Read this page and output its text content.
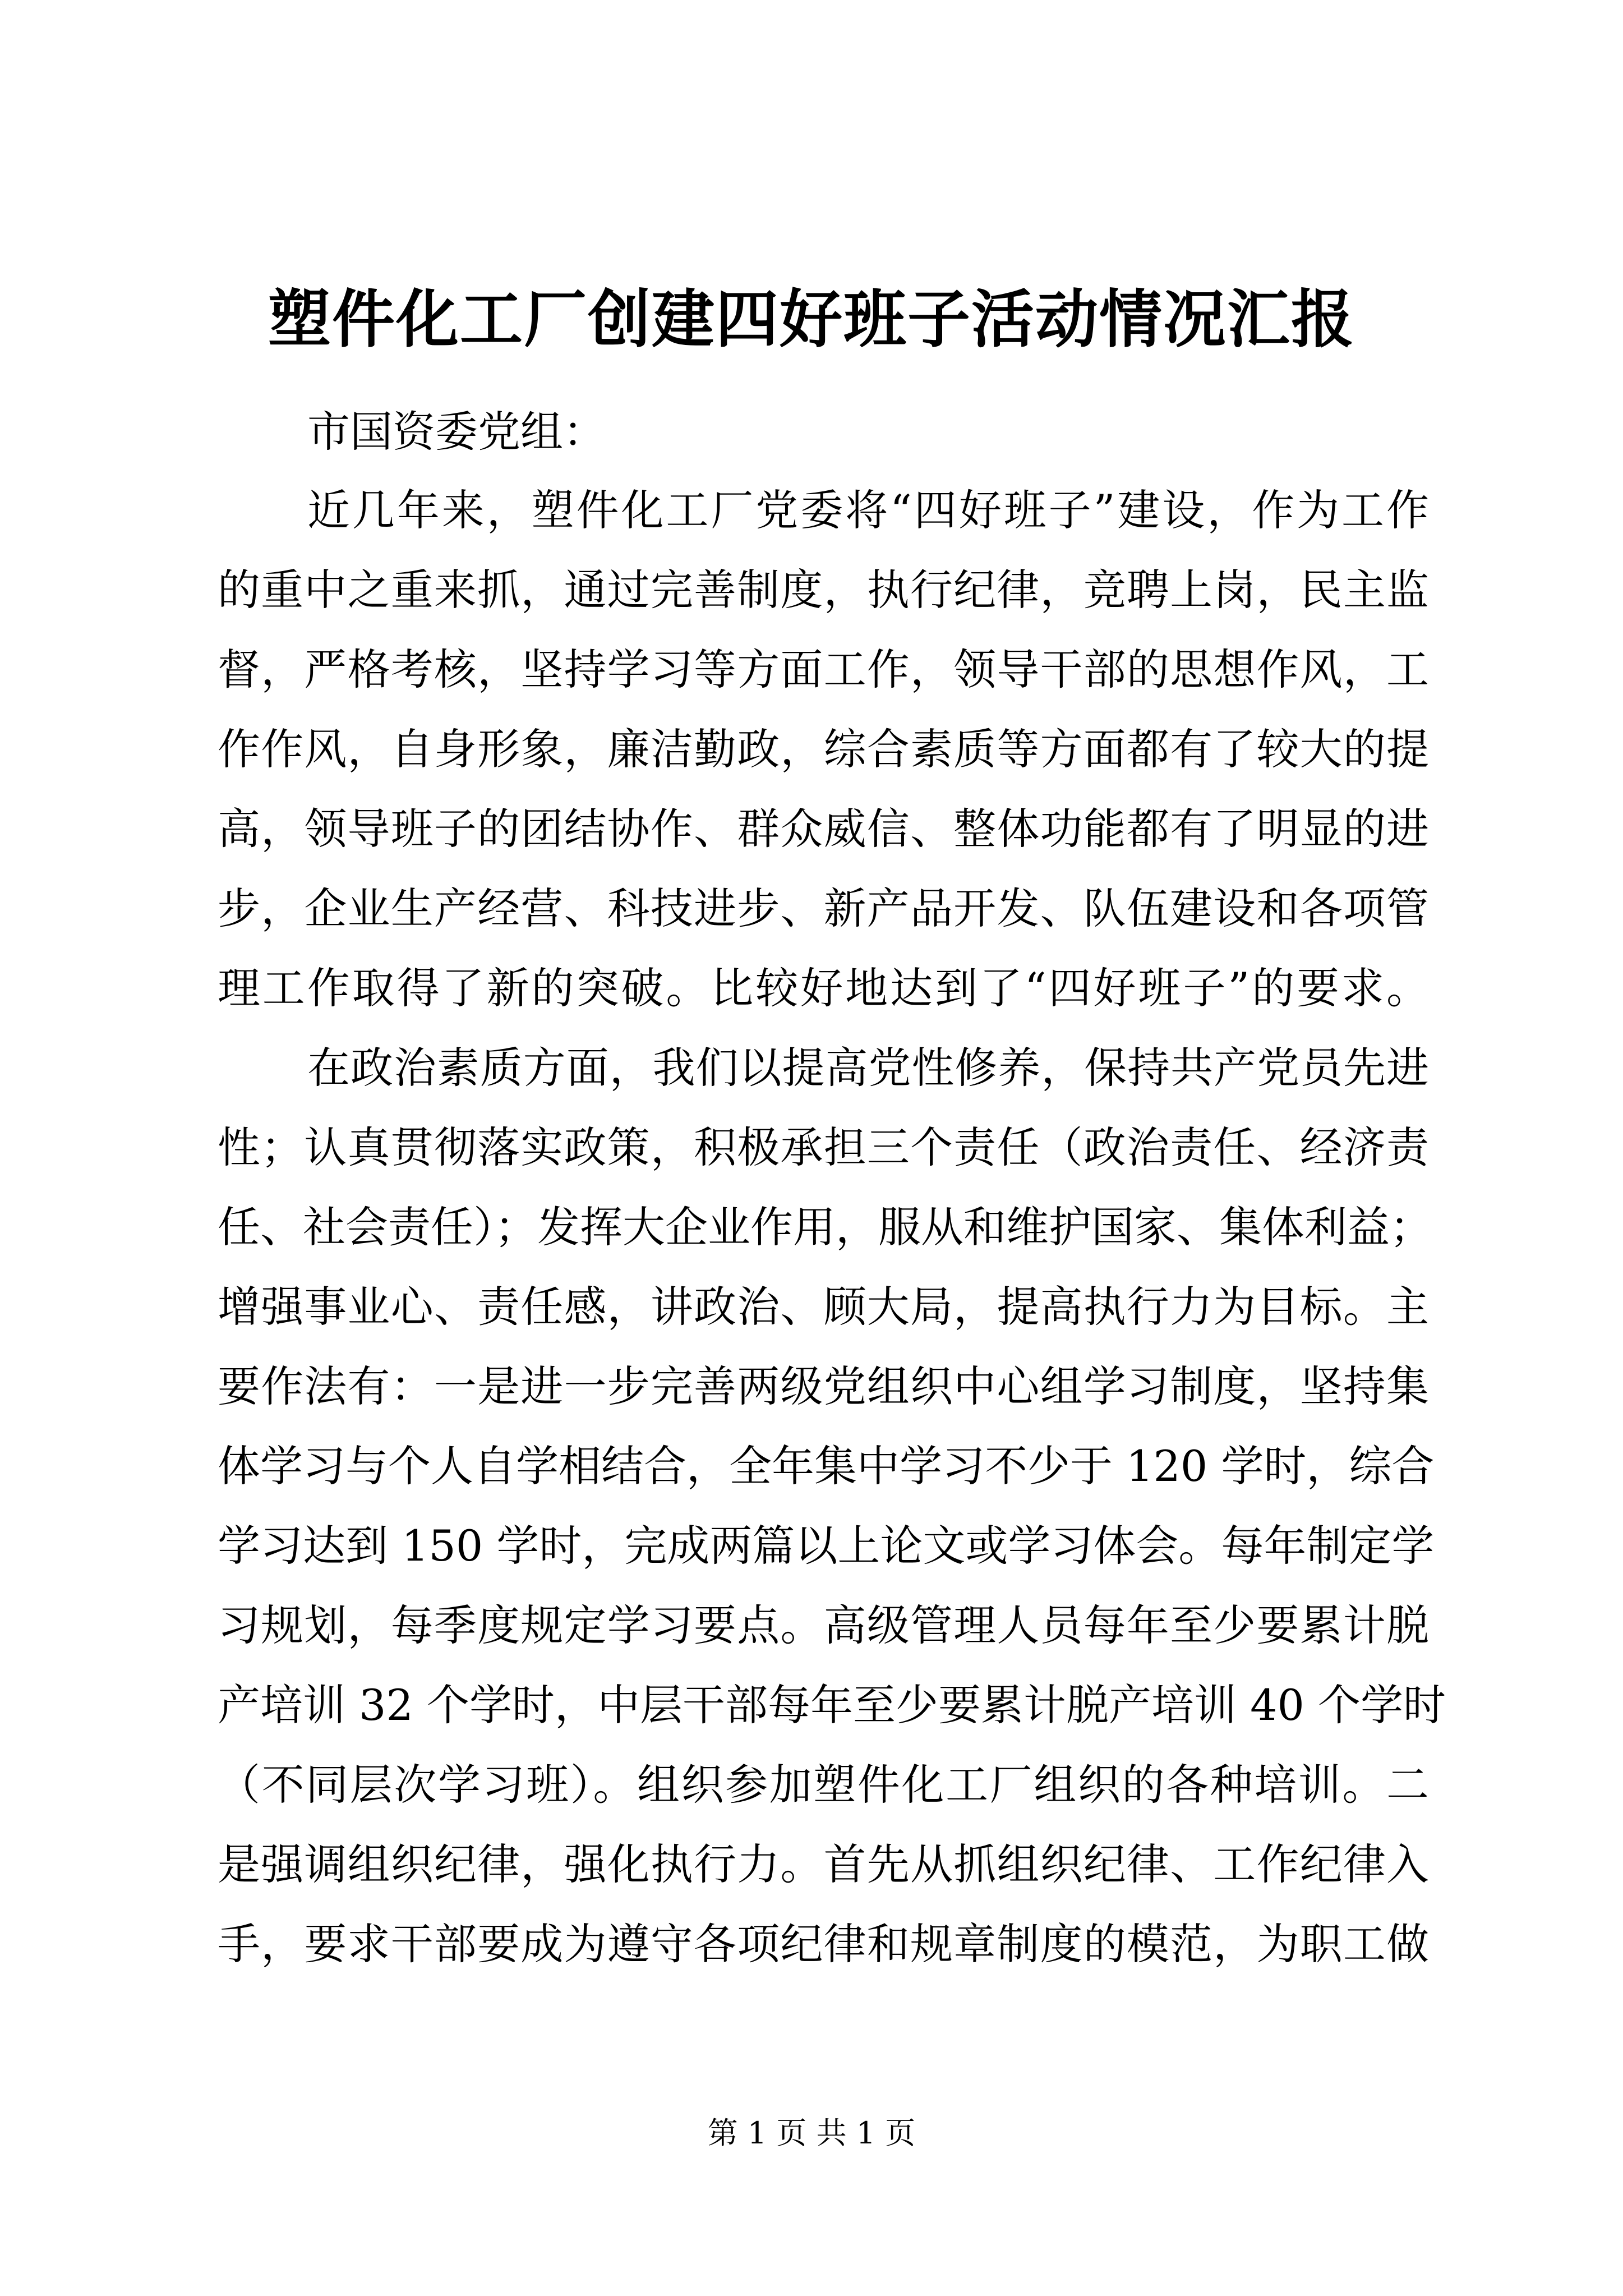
塑件化工厂创建四好班子活动情况汇报

市国资委党组：

近几年来，塑件化工厂党委将“四好班子”建设，作为工作

的重中之重来抓，通过完善制度，执行纪律，竞聘上岗，民主监

督，严格考核，坚持学习等方面工作，领导干部的思想作风，工

作作风，自身形象，廉洁勤政，综合素质等方面都有了较大的提

高，领导班子的团结协作、群众威信、整体功能都有了明显的进

步，企业生产经营、科技进步、新产品开发、队伍建设和各项管

理工作取得了新的突破。比较好地达到了“四好班子”的要求。

在政治素质方面，我们以提高党性修养，保持共产党员先进

性；认真贯彻落实政策，积极承担三个责任（政治责任、经济责

任、社会责任）；发挥大企业作用，服从和维护国家、集体利益；

增强事业心、责任感，讲政治、顾大局，提高执行力为目标。主

要作法有：一是进一步完善两级党组织中心组学习制度，坚持集

体学习与个人自学相结合，全年集中学习不少于 120 学时，综合

学习达到 150 学时，完成两篇以上论文或学习体会。每年制定学

习规划，每季度规定学习要点。高级管理人员每年至少要累计脱

产培训 32 个学时，中层干部每年至少要累计脱产培训 40 个学时

（不同层次学习班）。组织参加塑件化工厂组织的各种培训。二

是强调组织纪律，强化执行力。首先从抓组织纪律、工作纪律入

手，要求干部要成为遵守各项纪律和规章制度的模范，为职工做

第 1 页 共 1 页
